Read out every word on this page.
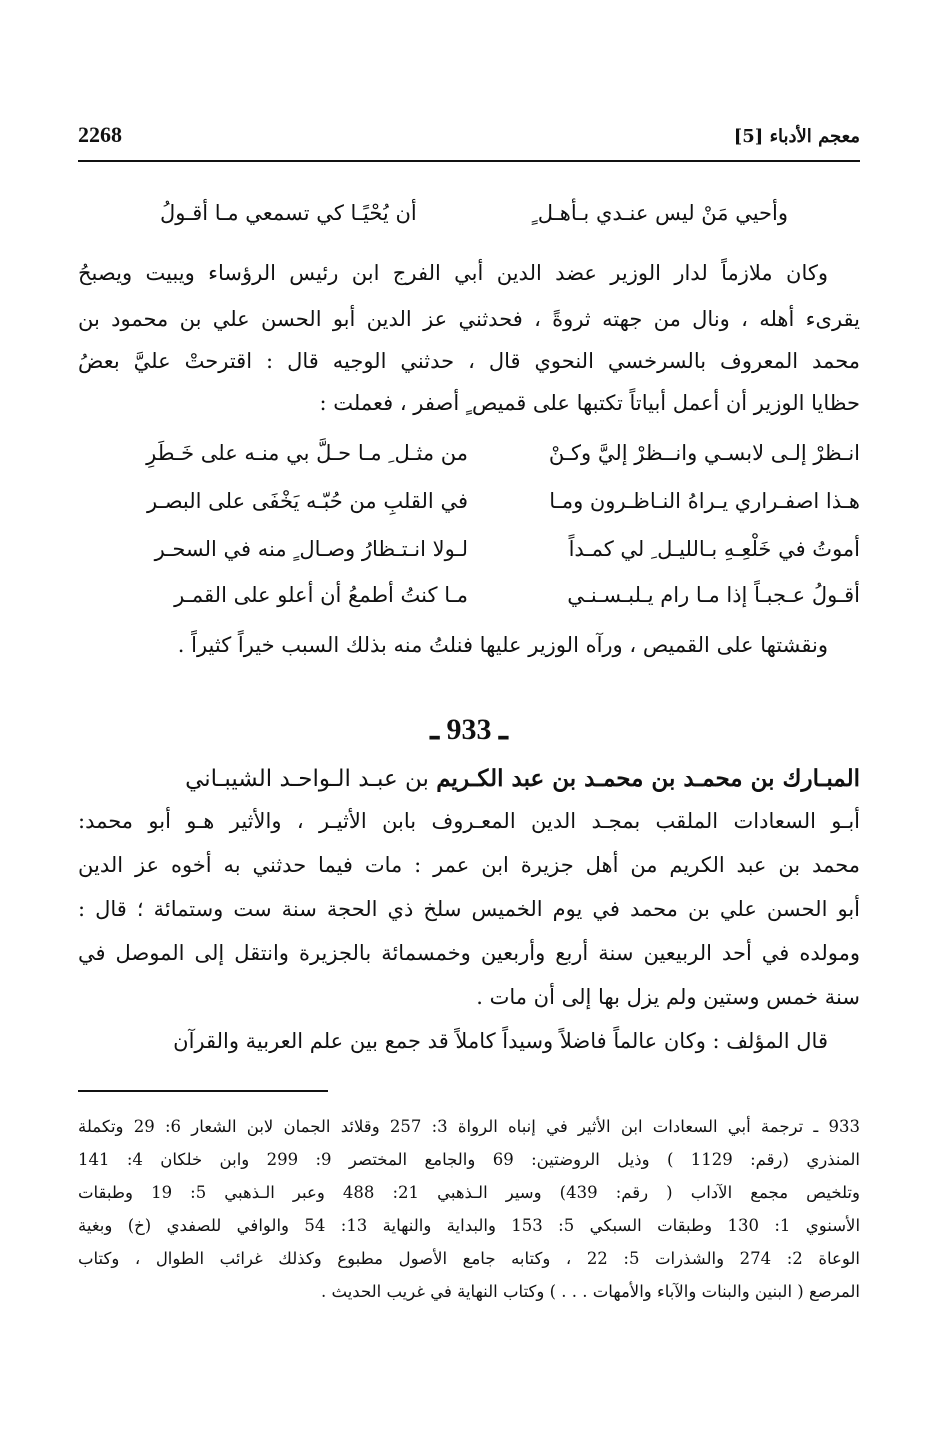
معجم الأدباء [5]
2268
وأحيي مَنْ ليس عنـدي بـأهـل ٍ
أن يُحْيًـا كي تسمعي مـا أقـولُ
وكان ملازماً لدار الوزير عضد الدين أبي الفرج ابن رئيس الرؤساء ويبيت ويصبحُ
يقرىء أهله ، ونال من جهته ثروةً ، فحدثني عز الدين أبو الحسن علي بن محمود بن
محمد المعروف بالسرخسي النحوي قال ، حدثني الوجيه قال : اقترحتْ عليَّ بعضُ
حظايا الوزير أن أعمل أبياتاً تكتبها على قميص ٍ أصفر ، فعملت :
انـظرْ إلـى لابسـي وانــظرْ إليَّ وكـنْ
من مثـل ِ مـا حـلَّ بي منـه على خَـطَرِ
هـذا اصفـراري يـراهُ النـاظـرون ومـا
في القلبِ من حُبّـه يَخْفَى على البصـر
أموتُ في خَلْعِـهِ بـالليـل ِ لي كمـداً
لـولا انـتـظارُ وصـال ٍ منه في السحـر
أقـولُ عـجبـاً إذا مـا رام يـلبـسـنـي
مـا كنتُ أطمعُ أن أعلو على القمـر
ونقشتها على القميص ، ورآه الوزير عليها فنلتُ منه بذلك السبب خيراً كثيراً .
ـ 933 ـ
المبـارك بن محمـد بن محمـد بن عبد الكـريم بن عبـد الـواحـد الشيبـاني
أبـو السعادات الملقب بمجـد الدين المعـروف بابن الأثيـر ، والأثير هـو أبو محمد:
محمد بن عبد الكريم من أهل جزيرة ابن عمر : مات فيما حدثني به أخوه عز الدين
أبو الحسن علي بن محمد في يوم الخميس سلخ ذي الحجة سنة ست وستمائة ؛ قال :
ومولده في أحد الربيعين سنة أربع وأربعين وخمسمائة بالجزيرة وانتقل إلى الموصل في
سنة خمس وستين ولم يزل بها إلى أن مات .
قال المؤلف : وكان عالماً فاضلاً وسيداً كاملاً قد جمع بين علم العربية والقرآن
933 ـ ترجمة أبي السعادات ابن الأثير في إنباه الرواة 3: 257 وقلائد الجمان لابن الشعار 6: 29 وتكملة
المنذري (رقم: 1129 ) وذيل الروضتين: 69 والجامع المختصر 9: 299 وابن خلكان 4: 141
وتلخيص مجمع الآداب ( رقم: 439) وسير الـذهبي 21: 488 وعبر الـذهبي 5: 19 وطبقات
الأسنوي 1: 130 وطبقات السبكي 5: 153 والبداية والنهاية 13: 54 والوافي للصفدي (خ) وبغية
الوعاة 2: 274 والشذرات 5: 22 ، وكتابه جامع الأصول مطبوع وكذلك غرائب الطوال ، وكتاب
المرصع ( البنين والبنات والآباء والأمهات . . . ) وكتاب النهاية في غريب الحديث .
